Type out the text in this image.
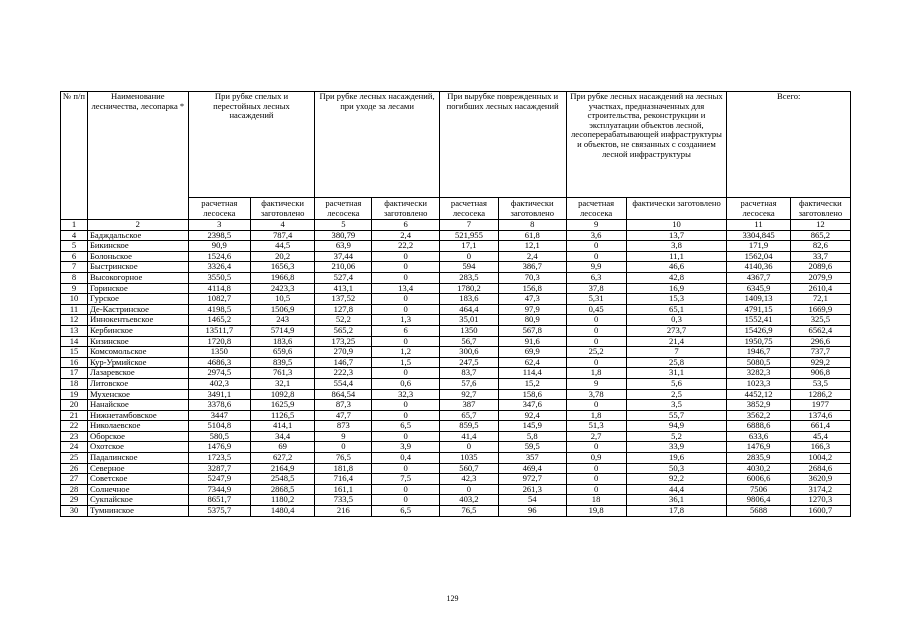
№ п/п	Наименование лесничества, лесопарка *	При рубке спелых и перестойных лесных насаждений		При рубке лесных насаждений, при уходе за лесами		При вырубке поврежденных и погибших лесных насаждений		При рубке лесных насаждений на лесных участках, предназначенных для строительства, реконструкции и эксплуатации объектов лесной, лесоперерабатывающей инфраструктуры и объектов, не связанных с созданием лесной инфраструктуры		Всего:	
		расчетная лесосека	фактически заготовлено	расчетная лесосека	фактически заготовлено	расчетная лесосека	фактически заготовлено	расчетная лесосека	фактически заготовлено	расчетная лесосека	фактически заготовлено
1	2	3	4	5	6	7	8	9	10	11	12
4	Бадждальское	2398,5	787,4	380,79	2,4	521,955	61,8	3,6	13,7	3304,845	865,2
5	Бикинское	90,9	44,5	63,9	22,2	17,1	12,1	0	3,8	171,9	82,6
6	Болоньское	1524,6	20,2	37,44	0	0	2,4	0	11,1	1562,04	33,7
7	Быстринское	3326,4	1656,3	210,06	0	594	386,7	9,9	46,6	4140,36	2089,6
8	Высокогорное	3550,5	1966,8	527,4	0	283,5	70,3	6,3	42,8	4367,7	2079,9
9	Горинское	4114,8	2423,3	413,1	13,4	1780,2	156,8	37,8	16,9	6345,9	2610,4
10	Гурское	1082,7	10,5	137,52	0	183,6	47,3	5,31	15,3	1409,13	72,1
11	Де-Кастринское	4198,5	1506,9	127,8	0	464,4	97,9	0,45	65,1	4791,15	1669,9
12	Иннокентьевское	1465,2	243	52,2	1,3	35,01	80,9	0	0,3	1552,41	325,5
13	Кербинское	13511,7	5714,9	565,2	6	1350	567,8	0	273,7	15426,9	6562,4
14	Кизинское	1720,8	183,6	173,25	0	56,7	91,6	0	21,4	1950,75	296,6
15	Комсомольское	1350	659,6	270,9	1,2	300,6	69,9	25,2	7	1946,7	737,7
16	Кур-Урмийское	4686,3	839,5	146,7	1,5	247,5	62,4	0	25,8	5080,5	929,2
17	Лазаревское	2974,5	761,3	222,3	0	83,7	114,4	1,8	31,1	3282,3	906,8
18	Литовское	402,3	32,1	554,4	0,6	57,6	15,2	9	5,6	1023,3	53,5
19	Мухенское	3491,1	1092,8	864,54	32,3	92,7	158,6	3,78	2,5	4452,12	1286,2
20	Нанайское	3378,6	1625,9	87,3	0	387	347,6	0	3,5	3852,9	1977
21	Нижнетамбовское	3447	1126,5	47,7	0	65,7	92,4	1,8	55,7	3562,2	1374,6
22	Николаевское	5104,8	414,1	873	6,5	859,5	145,9	51,3	94,9	6888,6	661,4
23	Оборское	580,5	34,4	9	0	41,4	5,8	2,7	5,2	633,6	45,4
24	Охотское	1476,9	69	0	3,9	0	59,5	0	33,9	1476,9	166,3
25	Падалинское	1723,5	627,2	76,5	0,4	1035	357	0,9	19,6	2835,9	1004,2
26	Северное	3287,7	2164,9	181,8	0	560,7	469,4	0	50,3	4030,2	2684,6
27	Советское	5247,9	2548,5	716,4	7,5	42,3	972,7	0	92,2	6006,6	3620,9
28	Солнечное	7344,9	2868,5	161,1	0	0	261,3	0	44,4	7506	3174,2
29	Сукпайское	8651,7	1180,2	733,5	0	403,2	54	18	36,1	9806,4	1270,3
30	Тумнинское	5375,7	1480,4	216	6,5	76,5	96	19,8	17,8	5688	1600,7
129
